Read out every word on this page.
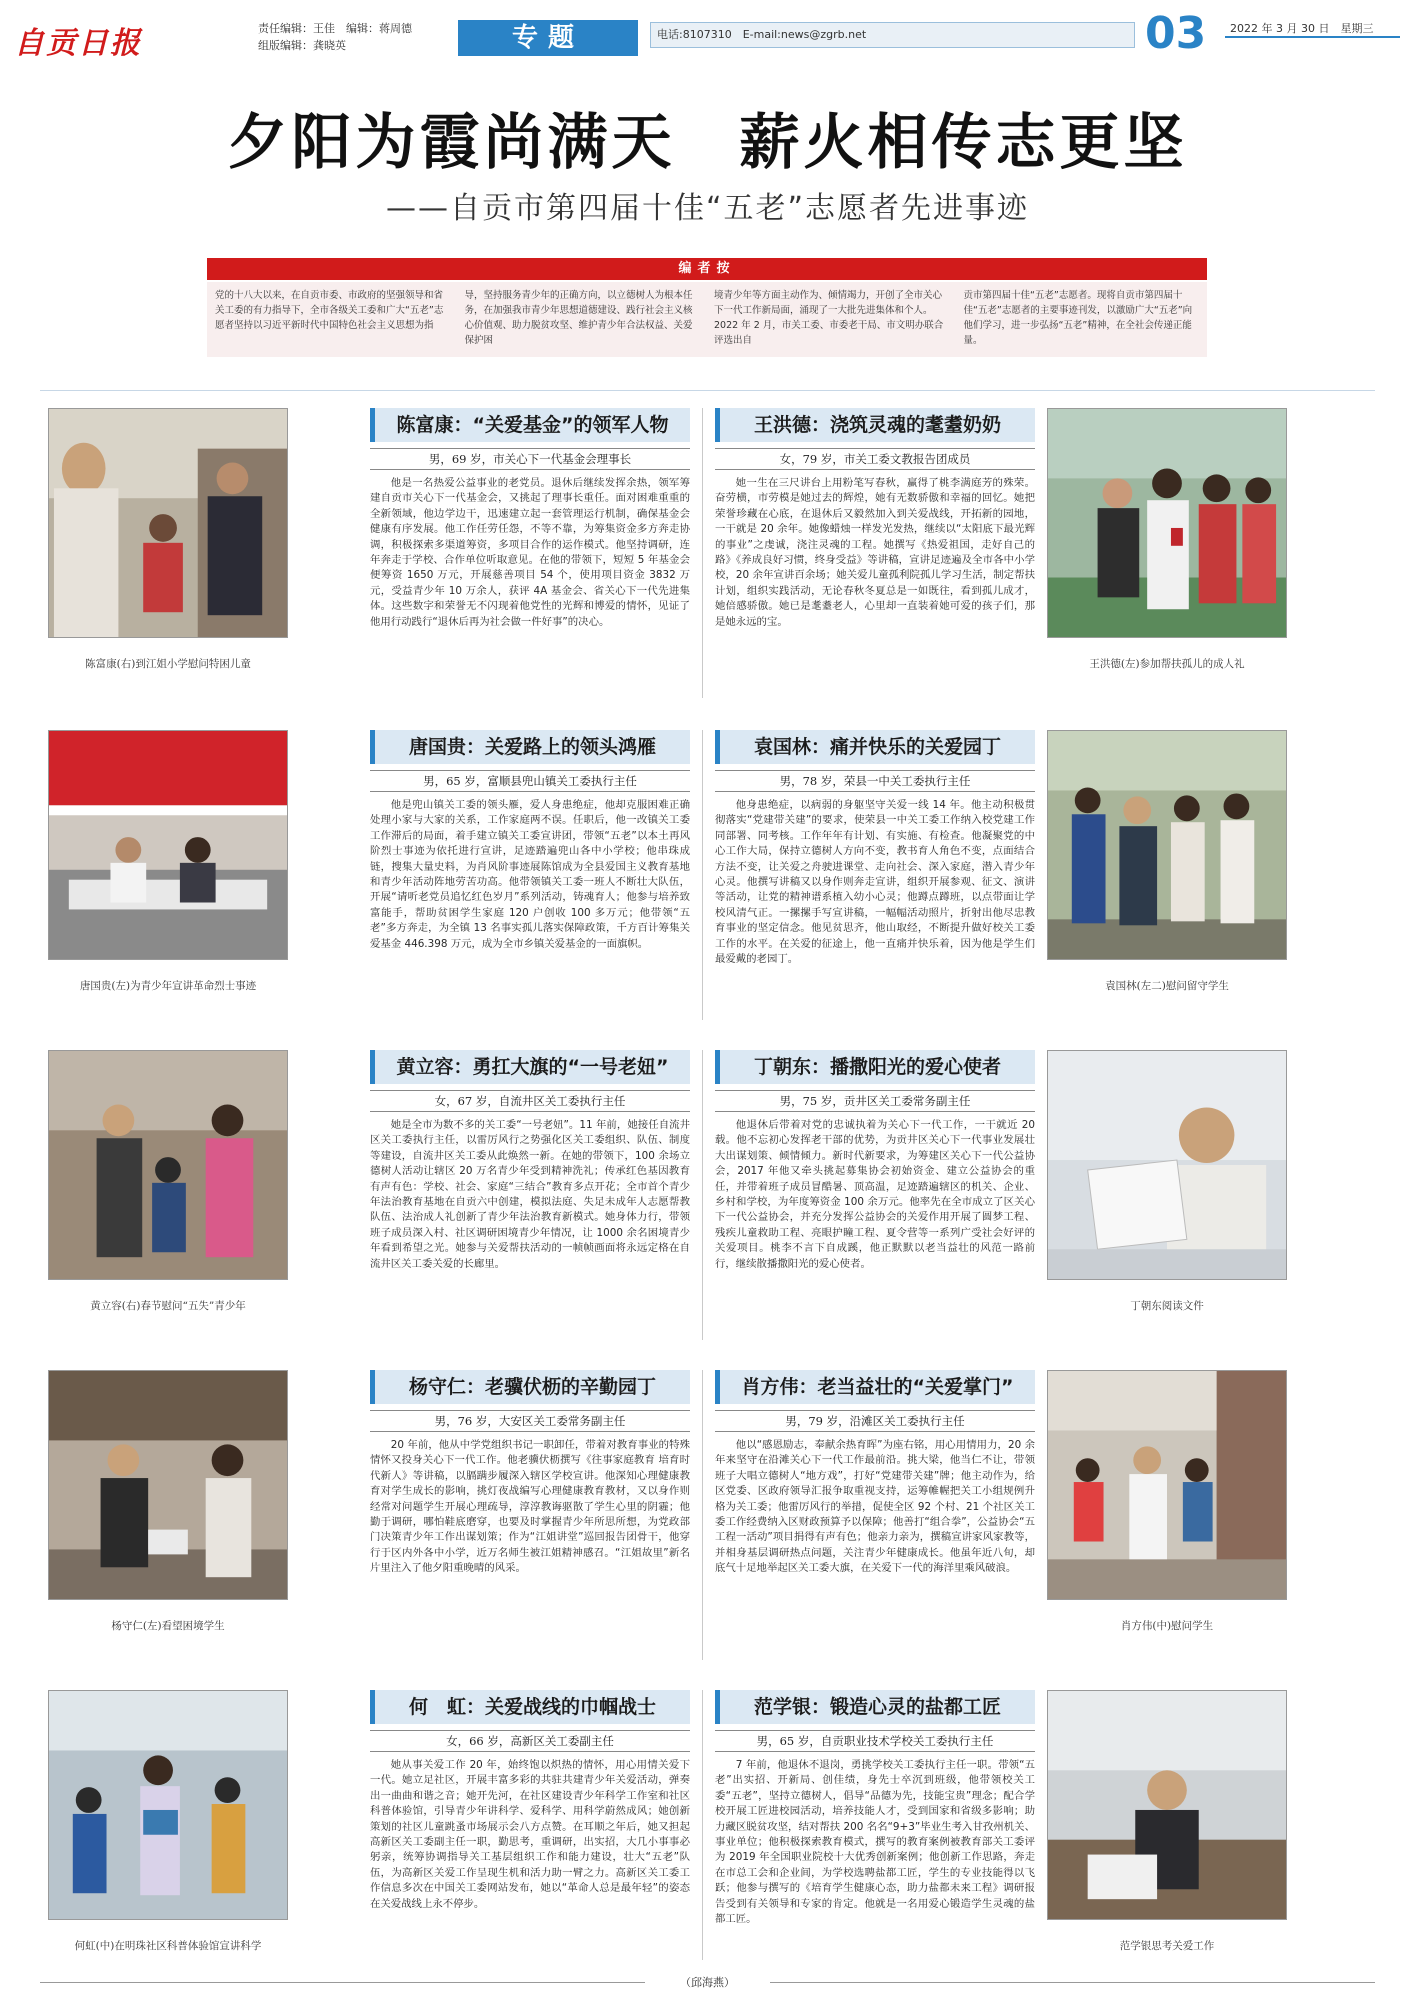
自贡日报	责任编辑：王佳　编辑：蒋周德
组版编辑：龚晓英	专题	电话:8107310　E-mail:news@zgrb.net	03 2022 年 3 月 30 日　星期三
夕阳为霞尚满天　薪火相传志更坚
——自贡市第四届十佳“五老”志愿者先进事迹
编者按
党的十八大以来，在自贡市委、市政府的坚强领导和省关工委的有力指导下，全市各级关工委和广大“五老”志愿者坚持以习近平新时代中国特色社会主义思想为指
导，坚持服务青少年的正确方向，以立德树人为根本任务，在加强我市青少年思想道德建设、践行社会主义核心价值观、助力脱贫攻坚、维护青少年合法权益、关爱保护困
境青少年等方面主动作为、倾情竭力，开创了全市关心下一代工作新局面，涌现了一大批先进集体和个人。2022 年 2 月，市关工委、市委老干局、市文明办联合评选出自
贡市第四届十佳“五老”志愿者。现将自贡市第四届十佳“五老”志愿者的主要事迹刊发，以激励广大“五老”向他们学习，进一步弘扬“五老”精神，在全社会传递正能量。
陈富康(右)到江姐小学慰问特困儿童
陈富康：“关爱基金”的领军人物
男，69 岁，市关心下一代基金会理事长
他是一名热爱公益事业的老党员。退休后继续发挥余热，领军筹建自贡市关心下一代基金会，又挑起了理事长重任。面对困难重重的全新领域，他边学边干，迅速建立起一套管理运行机制，确保基金会健康有序发展。他工作任劳任怨，不等不靠，为筹集资金多方奔走协调，积极探索多渠道筹资，多项目合作的运作模式。他坚持调研，连年奔走于学校、合作单位听取意见。在他的带领下，短短 5 年基金会便筹资 1650 万元，开展慈善项目 54 个，使用项目资金 3832 万元，受益青少年 10 万余人，获评 4A 基金会、省关心下一代先进集体。这些数字和荣誉无不闪现着他党性的光辉和博爱的情怀，见证了他用行动践行“退休后再为社会做一件好事”的决心。
王洪德：浇筑灵魂的耄耋奶奶
女，79 岁，市关工委文教报告团成员
她一生在三尺讲台上用粉笔写春秋，赢得了桃李满庭芳的殊荣。奋劳横，市劳模是她过去的辉煌，她有无数骄傲和幸福的回忆。她把荣誉珍藏在心底，在退休后又毅然加入到关爱战线，开拓新的园地，一干就是 20 余年。她像蜡烛一样发光发热，继续以“太阳底下最光辉的事业”之虔诚，浇注灵魂的工程。她撰写《热爱祖国，走好自己的路》《养成良好习惯，终身受益》等讲稿，宣讲足迹遍及全市各中小学校，20 余年宣讲百余场；她关爱儿童孤利院孤儿学习生活，制定帮扶计划，组织实践活动，无论春秋冬夏总是一如既往，看到孤儿成才，她倍感骄傲。她已是耄耋老人，心里却一直装着她可爱的孩子们，那是她永远的宝。
王洪德(左)参加帮扶孤儿的成人礼
唐国贵(左)为青少年宣讲革命烈士事迹
唐国贵：关爱路上的领头鸿雁
男，65 岁，富顺县兜山镇关工委执行主任
他是兜山镇关工委的领头雁，爱人身患绝症，他却克服困难正确处理小家与大家的关系，工作家庭两不误。任职后，他一改镇关工委工作滞后的局面，着手建立镇关工委宣讲团，带领“五老”以本土再风阶烈士事迹为依托进行宣讲，足迹踏遍兜山各中小学校；他串珠成链，搜集大量史料，为肖风阶事迹展陈馆成为全县爱国主义教育基地和青少年活动阵地劳苦功高。他带领镇关工委一班人不断壮大队伍，开展“请听老党员追忆红色岁月”系列活动，铸魂育人；他参与培养致富能手，帮助贫困学生家庭 120 户创收 100 多万元；他带领“五老”多方奔走，为全镇 13 名事实孤儿落实保障政策，千方百计筹集关爱基金 446.398 万元，成为全市乡镇关爱基金的一面旗帜。
袁国林：痛并快乐的关爱园丁
男，78 岁，荣县一中关工委执行主任
他身患绝症，以病弱的身躯坚守关爱一线 14 年。他主动积极贯彻落实“党建带关建”的要求，使荣县一中关工委工作纳入校党建工作同部署、同考核。工作年年有计划、有实施、有检查。他凝聚党的中心工作大局，保持立德树人方向不变，教书育人角色不变，点面结合方法不变，让关爱之舟驶进课堂、走向社会、深入家庭，潜入青少年心灵。他撰写讲稿又以身作则奔走宣讲，组织开展参观、征文、演讲等活动，让党的精神谱系植入幼小心灵；他蹲点蹲班，以点带面让学校风清气正。一摞摞手写宣讲稿，一幅幅活动照片，折射出他尽忠教育事业的坚定信念。他见贫思齐，他山取经，不断提升做好校关工委工作的水平。在关爱的征途上，他一直痛并快乐着，因为他是学生们最爱戴的老园丁。
袁国林(左二)慰问留守学生
黄立容(右)春节慰问“五失”青少年
黄立容：勇扛大旗的“一号老妞”
女，67 岁，自流井区关工委执行主任
她是全市为数不多的关工委“一号老妞”。11 年前，她接任自流井区关工委执行主任，以雷厉风行之势强化区关工委组织、队伍、制度等建设，自流井区关工委从此焕然一新。在她的带领下，100 余场立德树人活动让辖区 20 万名青少年受到精神洗礼；传承红色基因教育有声有色：学校、社会、家庭“三结合”教育多点开花；全市首个青少年法治教育基地在自贡六中创建，模拟法庭、失足未成年人志愿帮教队伍、法治成人礼创新了青少年法治教育新模式。她身体力行，带领班子成员深入村、社区调研困境青少年情况，让 1000 余名困境青少年看到希望之光。她参与关爱帮扶活动的一帧帧画面将永远定格在自流井区关工委关爱的长廊里。
丁朝东：播撒阳光的爱心使者
男，75 岁，贡井区关工委常务副主任
他退休后带着对党的忠诚执着为关心下一代工作，一干就近 20 载。他不忘初心发挥老干部的优势，为贡井区关心下一代事业发展壮大出谋划策、倾情倾力。新时代新要求，为筹建区关心下一代公益协会，2017 年他又牵头挑起募集协会初始资金、建立公益协会的重任，并带着班子成员冒酷暑、顶高温，足迹踏遍辖区的机关、企业、乡村和学校，为年度筹资金 100 余万元。他率先在全市成立了区关心下一代公益协会，并充分发挥公益协会的关爱作用开展了圆梦工程、残疾儿童救助工程、亮眼护瞳工程、夏令营等一系列广受社会好评的关爱项目。桃李不言下自成蹊，他正默默以老当益壮的风范一路前行，继续散播撒阳光的爱心使者。
丁朝东阅读文件
杨守仁(左)看望困境学生
杨守仁：老骥伏枥的辛勤园丁
男，76 岁，大安区关工委常务副主任
20 年前，他从中学党组织书记一职卸任，带着对教育事业的特殊情怀又投身关心下一代工作。他老骥伏枥撰写《往事家庭教育 培育时代新人》等讲稿，以膈蹒步履深入辖区学校宣讲。他深知心理健康教育对学生成长的影响，挑灯夜战编写心理健康教育教材，又以身作则经常对问题学生开展心理疏导，淳淳教诲驱散了学生心里的阴霾；他勤于调研，哪怕鞋底磨穿，也要及时掌握青少年所思所想，为党政部门决策青少年工作出谋划策；作为“江姐讲堂”巡回报告团骨干，他穿行于区内外各中小学，近万名师生被江姐精神感召。“江姐故里”新名片里注入了他夕阳重晚晴的风采。
肖方伟：老当益壮的“关爱掌门”
男，79 岁，沿滩区关工委执行主任
他以“感恩励志，奉献余热育晖”为座右铭，用心用情用力，20 余年来坚守在沿滩关心下一代工作最前沿。挑大梁，他当仁不让，带领班子大唱立德树人“地方戏”，打好“党建带关建”牌；他主动作为，给区党委、区政府领导汇报争取重视支持，运筹帷幄把关工小组规例升格为关工委；他雷厉风行的举措，促使全区 92 个村、21 个社区关工委工作经费纳入区财政预算予以保障；他善打“组合拳”，公益协会“五工程一活动”项目捐得有声有色；他亲力亲为，撰稿宣讲家风家教等，并相身基层调研热点问题，关注青少年健康成长。他虽年近八旬，却底气十足地举起区关工委大旗，在关爱下一代的海洋里乘风破浪。
肖方伟(中)慰问学生
何虹(中)在明珠社区科普体验馆宣讲科学
何　虹：关爱战线的巾帼战士
女，66 岁，高新区关工委副主任
她从事关爱工作 20 年，始终饱以炽热的情怀，用心用情关爱下一代。她立足社区，开展丰富多彩的共驻共建青少年关爱活动，弹奏出一曲曲和谐之音；她开先河，在社区建设青少年科学工作室和社区科普体验馆，引导青少年讲科学、爱科学、用科学蔚然成风；她创新策划的社区儿童跳蚤市场展示会八方点赞。在耳顺之年后，她又担起高新区关工委副主任一职，勤思考，重调研，出实招，大几小事事必躬亲，统筹协调指导关工基层组织工作和能力建设，壮大“五老”队伍，为高新区关爱工作呈现生机和活力助一臂之力。高新区关工委工作信息多次在中国关工委网站发布，她以“革命人总是最年轻”的姿态在关爱战线上永不停步。
范学银：锻造心灵的盐都工匠
男，65 岁，自贡职业技术学校关工委执行主任
7 年前，他退休不退岗，勇挑学校关工委执行主任一职。带领“五老”出实招、开新局、创佳绩，身先士卒沉到班级，他带领校关工委“五老”，坚持立德树人，倡导“品德为先，技能宝贵”理念；配合学校开展工匠进校园活动，培养技能人才，受到国家和省级多影响；助力藏区脱贫攻坚，结对帮扶 200 名名“9+3”毕业生考入甘孜州机关、事业单位；他积极探索教育模式，撰写的教育案例被教育部关工委评为 2019 年全国职业院校十大优秀创新案例；他创新工作思路，奔走在市总工会和企业间，为学校选聘盐都工匠，学生的专业技能得以飞跃；他参与撰写的《培育学生健康心态，助力盐都未来工程》调研报告受到有关领导和专家的肯定。他就是一名用爱心锻造学生灵魂的盐都工匠。
范学银思考关爱工作
（邱海燕）
